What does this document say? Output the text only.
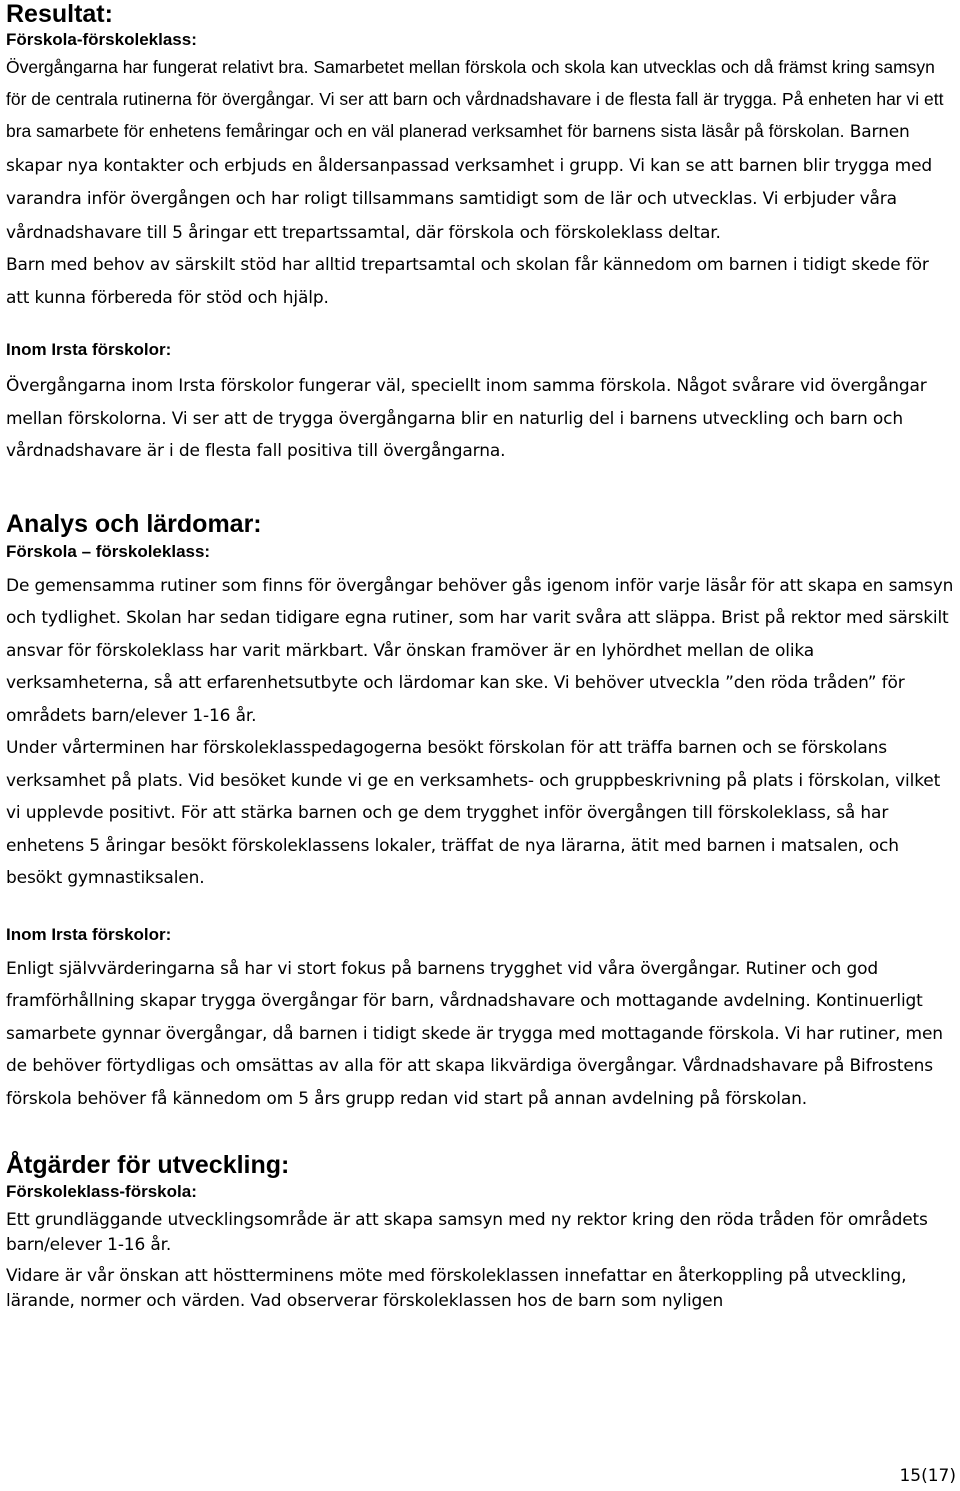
Resultat:
Förskola-förskoleklass:

Övergångarna har fungerat relativt bra. Samarbetet mellan förskola och skola kan utvecklas och då främst kring samsyn för de centrala rutinerna för övergångar. Vi ser att barn och vårdnadshavare i de flesta fall är trygga. På enheten har vi ett bra samarbete för enhetens femåringar och en väl planerad verksamhet för barnens sista läsår på förskolan. Barnen skapar nya kontakter och erbjuds en åldersanpassad verksamhet i grupp. Vi kan se att barnen blir trygga med varandra inför övergången och har roligt tillsammans samtidigt som de lär och utvecklas. Vi erbjuder våra vårdnadshavare till 5 åringar ett trepartssamtal, där förskola och förskoleklass deltar.

Barn med behov av särskilt stöd har alltid trepartsamtal och skolan får kännedom om barnen i tidigt skede för att kunna förbereda för stöd och hjälp.

Inom Irsta förskolor:

Övergångarna inom Irsta förskolor fungerar väl, speciellt inom samma förskola. Något svårare vid övergångar mellan förskolorna. Vi ser att de trygga övergångarna blir en naturlig del i barnens utveckling och barn och vårdnadshavare är i de flesta fall positiva till övergångarna.

Analys och lärdomar:
Förskola – förskoleklass:

De gemensamma rutiner som finns för övergångar behöver gås igenom inför varje läsår för att skapa en samsyn och tydlighet. Skolan har sedan tidigare egna rutiner, som har varit svåra att släppa. Brist på rektor med särskilt ansvar för förskoleklass har varit märkbart. Vår önskan framöver är en lyhördhet mellan de olika verksamheterna, så att erfarenhetsutbyte och lärdomar kan ske. Vi behöver utveckla ”den röda tråden” för områdets barn/elever 1-16 år.

Under vårterminen har förskoleklasspedagogerna besökt förskolan för att träffa barnen och se förskolans verksamhet på plats. Vid besöket kunde vi ge en verksamhets- och gruppbeskrivning på plats i förskolan, vilket vi upplevde positivt. För att stärka barnen och ge dem trygghet inför övergången till förskoleklass, så har enhetens 5 åringar besökt förskoleklassens lokaler, träffat de nya lärarna, ätit med barnen i matsalen, och besökt gymnastiksalen.

Inom Irsta förskolor:

Enligt självvärderingarna så har vi stort fokus på barnens trygghet vid våra övergångar. Rutiner och god framförhållning skapar trygga övergångar för barn, vårdnadshavare och mottagande avdelning. Kontinuerligt samarbete gynnar övergångar, då barnen i tidigt skede är trygga med mottagande förskola. Vi har rutiner, men de behöver förtydligas och omsättas av alla för att skapa likvärdiga övergångar. Vårdnadshavare på Bifrostens förskola behöver få kännedom om 5 års grupp redan vid start på annan avdelning på förskolan.

Åtgärder för utveckling:
Förskoleklass-förskola:

Ett grundläggande utvecklingsområde är att skapa samsyn med ny rektor kring den röda tråden för områdets barn/elever 1-16 år.

Vidare är vår önskan att höstterminens möte med förskoleklassen innefattar en återkoppling på utveckling, lärande, normer och värden. Vad observerar förskoleklassen hos de barn som nyligen

15(17)
